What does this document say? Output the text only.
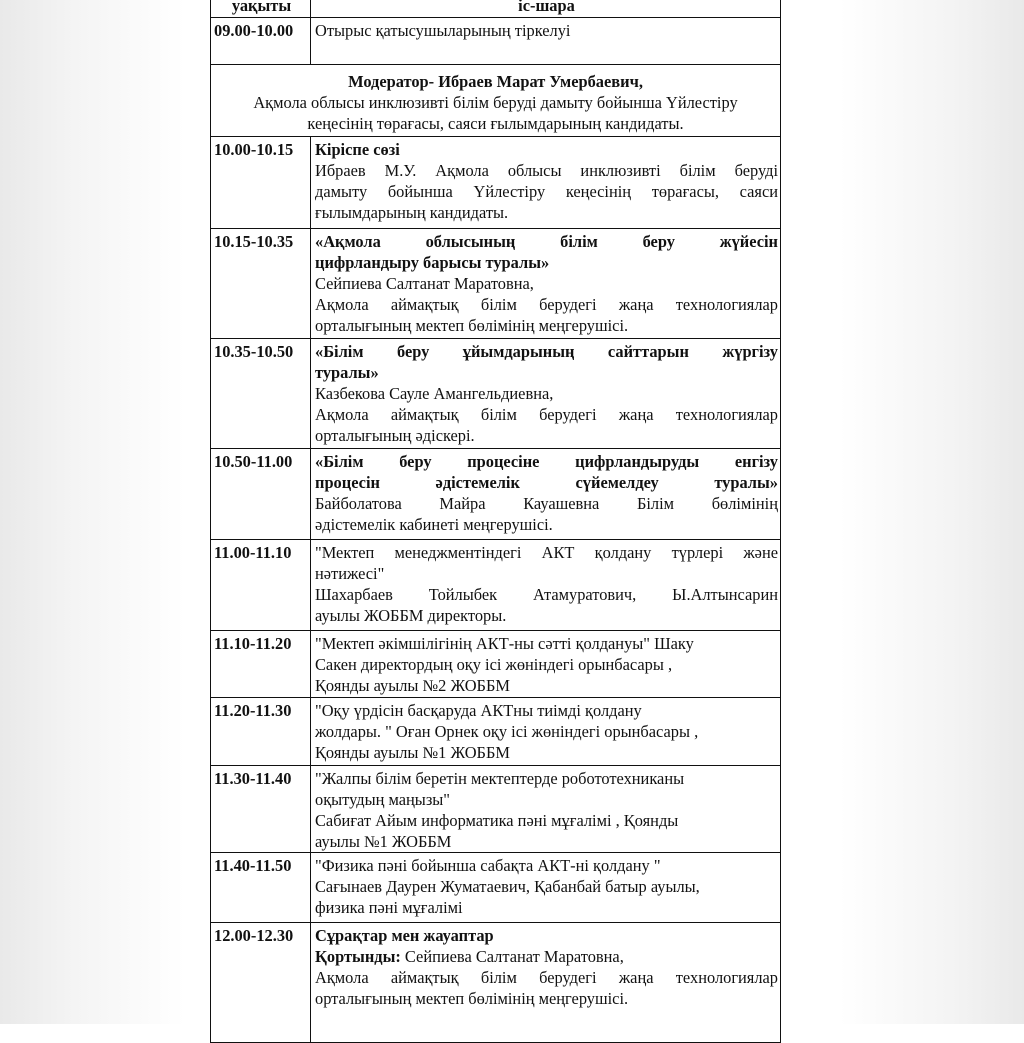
уақыты	іс-шара
09.00-10.00	Отырыс қатысушыларының тіркелуі

Модератор- Ибраев Марат Умербаевич,
Ақмола облысы инклюзивті білім беруді дамыту бойынша Үйлестіру
кеңесінің төрағасы, саяси ғылымдарының кандидаты.	

10.00-10.15	Кіріспе сөзі
Ибраев М.У. Ақмола облысы инклюзивті білім беруді
дамыту бойынша Үйлестіру кеңесінің төрағасы, саяси
ғылымдарының кандидаты.

10.15-10.35	«Ақмола облысының білім беру жүйесін
цифрландыру барысы туралы»
Сейпиева Салтанат Маратовна,
Ақмола аймақтық білім берудегі жаңа технологиялар
орталығының мектеп бөлімінің меңгерушісі.

10.35-10.50	«Білім беру ұйымдарының сайттарын жүргізу
туралы»
Казбекова Сауле Амангельдиевна,
Ақмола аймақтық білім берудегі жаңа технологиялар
орталығының әдіскері.

10.50-11.00	«Білім беру процесіне цифрландыруды енгізу
процесін әдістемелік сүйемелдеу туралы»
Байболатова Майра Кауашевна Білім бөлімінің
әдістемелік кабинеті меңгерушісі.

11.00-11.10	"Мектеп менеджментіндегі АКТ қолдану түрлері және
нәтижесі"
Шахарбаев Тойлыбек Атамуратович, Ы.Алтынсарин
ауылы ЖОББМ директоры.

11.10-11.20	"Мектеп әкімшілігінің АКТ-ны сәтті қолдануы" Шаку
Сакен директордың оқу ісі жөніндегі орынбасары ,
Қоянды ауылы №2 ЖОББМ

11.20-11.30	"Оқу үрдісін басқаруда АКТны тиімді қолдану
жолдары. " Оған Орнек оқу ісі жөніндегі орынбасары ,
Қоянды ауылы №1 ЖОББМ

11.30-11.40	"Жалпы білім беретін мектептерде робототехниканы
оқытудың маңызы"
Сабиғат Айым информатика пәні мұғалімі , Қоянды
ауылы №1 ЖОББМ

11.40-11.50	"Физика пәні бойынша сабақта АКТ-ні қолдану "
Сағынаев Даурен Жуматаевич, Қабанбай батыр ауылы,
физика пәні мұғалімі

12.00-12.30	Сұрақтар мен жауаптар
Қортынды: Сейпиева Салтанат Маратовна,
Ақмола аймақтық білім берудегі жаңа технологиялар
орталығының мектеп бөлімінің меңгерушісі.
